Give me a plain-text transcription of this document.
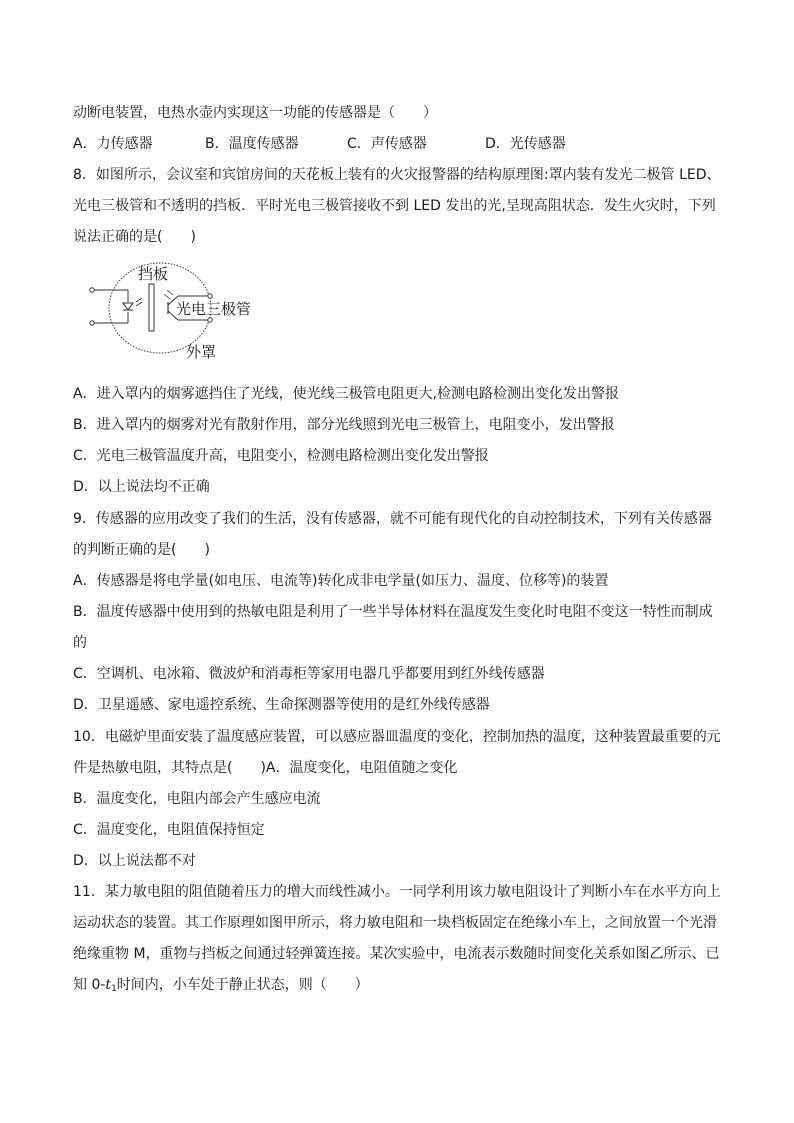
动断电装置，电热水壶内实现这一功能的传感器是（　　）
A．力传感器	B．温度传感器	C．声传感器	D．光传感器
8．如图所示，会议室和宾馆房间的天花板上装有的火灾报警器的结构原理图:罩内装有发光二极管 LED、
光电三极管和不透明的挡板．平时光电三极管接收不到 LED 发出的光,呈现高阻状态．发生火灾时，下列
说法正确的是(　　)
挡板
光电三极管
外罩
A．进入罩内的烟雾遮挡住了光线，使光线三极管电阻更大,检测电路检测出变化发出警报
B．进入罩内的烟雾对光有散射作用，部分光线照到光电三极管上，电阻变小，发出警报
C．光电三极管温度升高，电阻变小，检测电路检测出变化发出警报
D．以上说法均不正确
9．传感器的应用改变了我们的生活，没有传感器，就不可能有现代化的自动控制技术，下列有关传感器
的判断正确的是(　　)
A．传感器是将电学量(如电压、电流等)转化成非电学量(如压力、温度、位移等)的装置
B．温度传感器中使用到的热敏电阻是利用了一些半导体材料在温度发生变化时电阻不变这一特性而制成
的
C．空调机、电冰箱、微波炉和消毒柜等家用电器几乎都要用到红外线传感器
D．卫星遥感、家电遥控系统、生命探测器等使用的是红外线传感器
10．电磁炉里面安装了温度感应装置，可以感应器皿温度的变化，控制加热的温度，这种装置最重要的元
件是热敏电阻，其特点是(　　)A．温度变化，电阻值随之变化
B．温度变化，电阻内部会产生感应电流
C．温度变化，电阻值保持恒定
D．以上说法都不对
11．某力敏电阻的阻值随着压力的增大而线性减小。一同学利用该力敏电阻设计了判断小车在水平方向上
运动状态的装置。其工作原理如图甲所示，将力敏电阻和一块档板固定在绝缘小车上，之间放置一个光滑
绝缘重物 M，重物与挡板之间通过轻弹簧连接。某次实验中，电流表示数随时间变化关系如图乙所示、已
知 $0-t_1$时间内，小车处于静止状态，则（　　）
